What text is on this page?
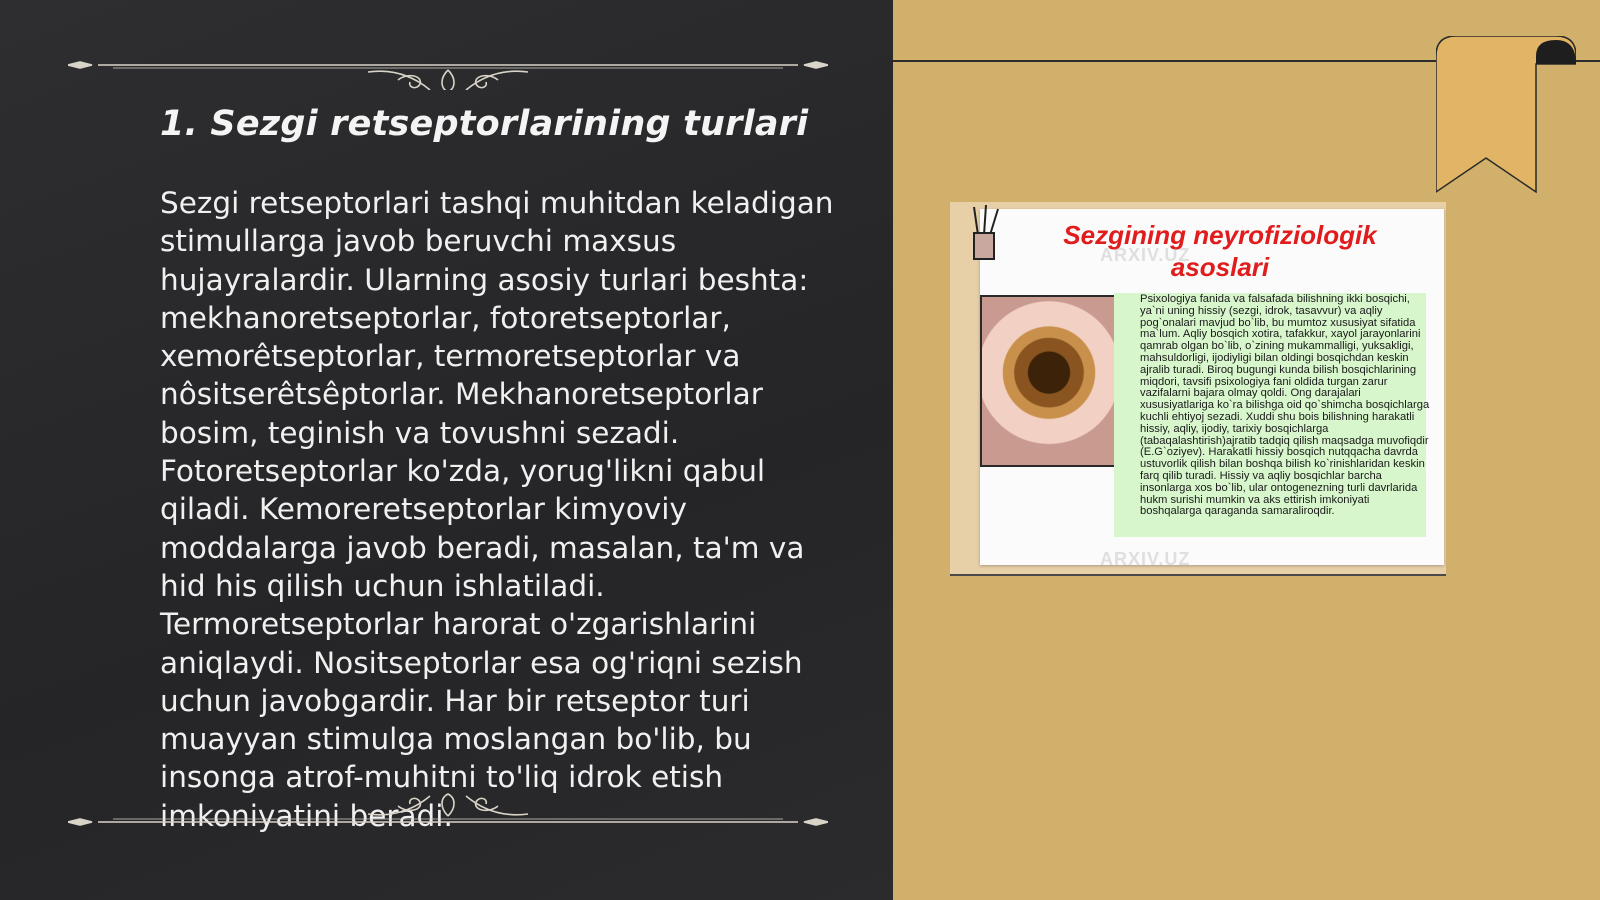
1. Sezgi retseptorlarining turlari

Sezgi retseptorlari tashqi muhitdan keladigan stimullarga javob beruvchi maxsus hujayralardir. Ularning asosiy turlari beshta: mekhanoretseptorlar, fotoretseptorlar, xemorêtseptorlar, termoretseptorlar va nôsitserêtsêptorlar. Mekhanoretseptorlar bosim, teginish va tovushni sezadi. Fotoretseptorlar ko'zda, yorug'likni qabul qiladi. Kemoreretseptorlar kimyoviy moddalarga javob beradi, masalan, ta'm va hid his qilish uchun ishlatiladi. Termoretseptorlar harorat o'zgarishlarini aniqlaydi. Nositseptorlar esa og'riqni sezish uchun javobgardir. Har bir retseptor turi muayyan stimulga moslangan bo'lib, bu insonga atrof-muhitni to'liq idrok etish imkoniyatini beradi.

Sezgining neyrofiziologik asoslari

Psixologiya fanida va falsafada bilishning ikki bosqichi, ya`ni uning hissiy (sezgi, idrok, tasavvur) va aqliy pog`onalari mavjud bo`lib, bu mumtoz xususiyat sifatida ma`lum. Aqliy bosqich xotira, tafakkur, xayol jarayonlarini qamrab olgan bo`lib, o`zining mukammalligi, yuksakligi, mahsuldorligi, ijodiyligi bilan oldingi bosqichdan keskin ajralib turadi. Biroq bugungi kunda bilish bosqichlarining miqdori, tavsifi psixologiya fani oldida turgan zarur vazifalarni bajara olmay qoldi. Ong darajalari xususiyatlariga ko`ra bilishga oid qo`shimcha bosqichlarga kuchli ehtiyoj sezadi. Xuddi shu bois bilishning harakatli hissiy, aqliy, ijodiy, tarixiy bosqichlarga (tabaqalashtirish)ajratib tadqiq qilish maqsadga muvofiqdir (E.G`oziyev). Harakatli hissiy bosqich nutqqacha davrda ustuvorlik qilish bilan boshqa bilish ko`rinishlaridan keskin farq qilib turadi. Hissiy va aqliy bosqichlar barcha insonlarga xos bo`lib, ular ontogenezning turli davrlarida hukm surishi mumkin va aks ettirish imkoniyati boshqalarga qaraganda samaraliroqdir.

ARXIV.UZ
ARXIV.UZ
